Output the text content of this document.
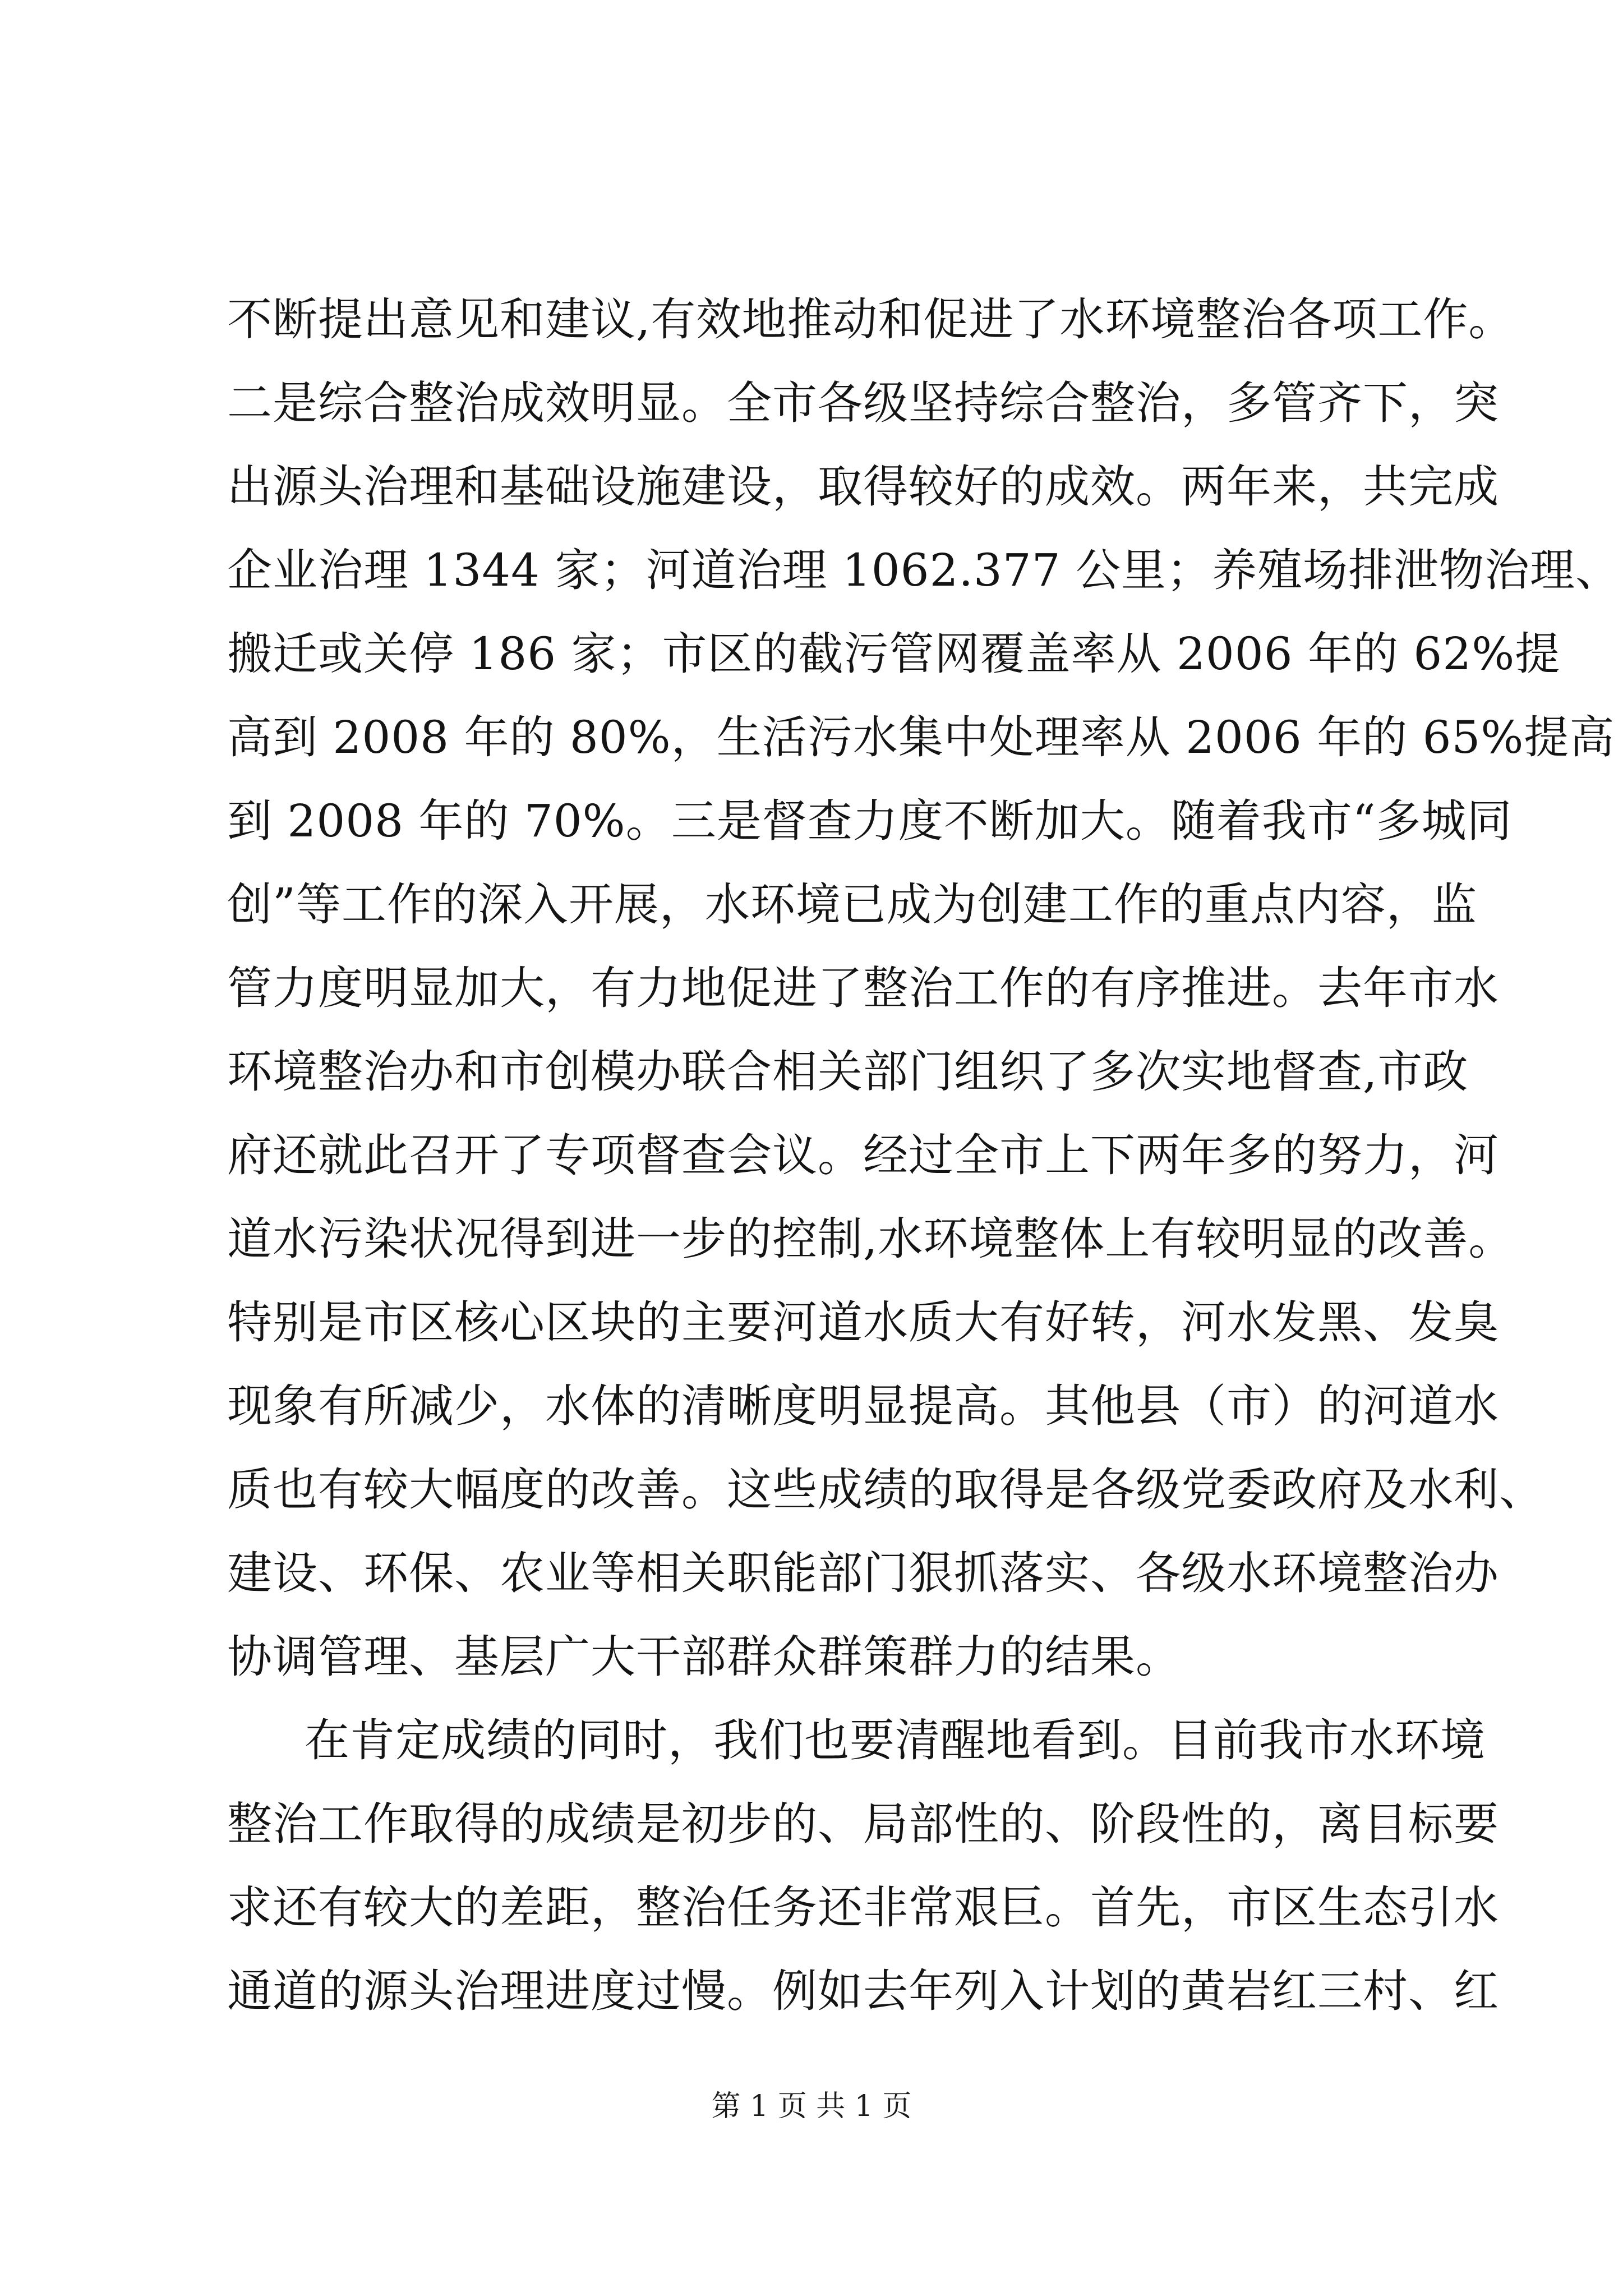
不断提出意见和建议,有效地推动和促进了水环境整治各项工作。
二是综合整治成效明显。全市各级坚持综合整治，多管齐下，突
出源头治理和基础设施建设，取得较好的成效。两年来，共完成
企业治理 1344 家；河道治理 1062.377 公里；养殖场排泄物治理、
搬迁或关停 186 家；市区的截污管网覆盖率从 2006 年的 62%提
高到 2008 年的 80%，生活污水集中处理率从 2006 年的 65%提高
到 2008 年的 70%。三是督查力度不断加大。随着我市“多城同
创”等工作的深入开展，水环境已成为创建工作的重点内容，监
管力度明显加大，有力地促进了整治工作的有序推进。去年市水
环境整治办和市创模办联合相关部门组织了多次实地督查,市政
府还就此召开了专项督查会议。经过全市上下两年多的努力，河
道水污染状况得到进一步的控制,水环境整体上有较明显的改善。
特别是市区核心区块的主要河道水质大有好转，河水发黑、发臭
现象有所减少，水体的清晰度明显提高。其他县（市）的河道水
质也有较大幅度的改善。这些成绩的取得是各级党委政府及水利、
建设、环保、农业等相关职能部门狠抓落实、各级水环境整治办
协调管理、基层广大干部群众群策群力的结果。
在肯定成绩的同时，我们也要清醒地看到。目前我市水环境
整治工作取得的成绩是初步的、局部性的、阶段性的，离目标要
求还有较大的差距，整治任务还非常艰巨。首先，市区生态引水
通道的源头治理进度过慢。例如去年列入计划的黄岩红三村、红
第 1 页 共 1 页
